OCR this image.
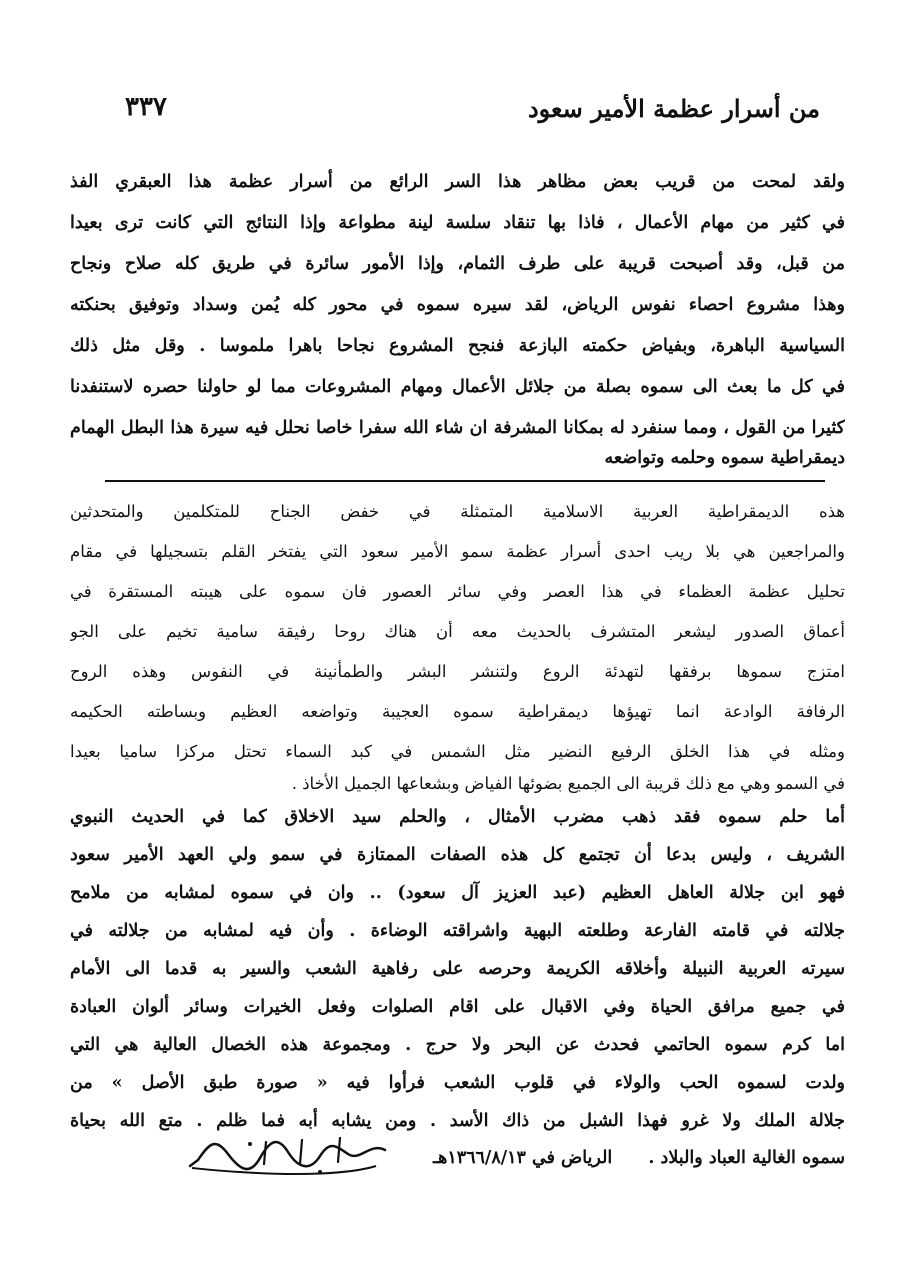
من أسرار عظمة الأمير سعود
٣٣٧
ولقد لمحت من قريب بعض مظاهر هذا السر الرائع من أسرار عظمة هذا العبقري الفذ
في كثير من مهام الأعمال ، فاذا بها تنقاد سلسة لينة مطواعة وإذا النتائج التي كانت ترى بعيدا
من قبل، وقد أصبحت قريبة على طرف الثمام، وإذا الأمور سائرة في طريق كله صلاح ونجاح
وهذا مشروع احصاء نفوس الرياض، لقد سيره سموه في محور كله يُمن وسداد وتوفيق بحنكته
السياسية الباهرة، وبفياض حكمته البازعة فنجح المشروع نجاحا باهرا ملموسا . وقل مثل ذلك
في كل ما بعث الى سموه بصلة من جلائل الأعمال ومهام المشروعات مما لو حاولنا حصره لاستنفدنا
كثيرا من القول ، ومما سنفرد له بمكانا المشرفة ان شاء الله سفرا خاصا نحلل فيه سيرة هذا البطل الهمام
ديمقراطية سموه وحلمه وتواضعه
هذه الديمقراطية العربية الاسلامية المتمثلة في خفض الجناح للمتكلمين والمتحدثين
والمراجعين هي بلا ريب احدى أسرار عظمة سمو الأمير سعود التي يفتخر القلم بتسجيلها في مقام
تحليل عظمة العظماء في هذا العصر وفي سائر العصور فان سموه على هيبته المستقرة في
أعماق الصدور ليشعر المتشرف بالحديث معه أن هناك روحا رفيقة سامية تخيم على الجو
امتزج سموها برفقها لتهدئة الروع ولتنشر البشر والطمأنينة في النفوس وهذه الروح
الرفافة الوادعة انما تهيؤها ديمقراطية سموه العجيبة وتواضعه العظيم وبساطته الحكيمه
ومثله في هذا الخلق الرفيع النضير مثل الشمس في كبد السماء تحتل مركزا ساميا بعيدا
في السمو وهي مع ذلك قريبة الى الجميع بضوئها الفياض وبشعاعها الجميل الأخاذ .
أما حلم سموه فقد ذهب مضرب الأمثال ، والحلم سيد الاخلاق كما في الحديث النبوي
الشريف ، وليس بدعا أن تجتمع كل هذه الصفات الممتازة في سمو ولي العهد الأمير سعود
فهو ابن جلالة العاهل العظيم (عبد العزيز آل سعود) .. وان في سموه لمشابه من ملامح
جلالته في قامته الفارعة وطلعته البهية واشراقته الوضاءة . وأن فيه لمشابه من جلالته في
سيرته العربية النبيلة وأخلاقه الكريمة وحرصه على رفاهية الشعب والسير به قدما الى الأمام
في جميع مرافق الحياة وفي الاقبال على اقام الصلوات وفعل الخيرات وسائر ألوان العبادة
اما كرم سموه الحاتمي فحدث عن البحر ولا حرج . ومجموعة هذه الخصال العالية هي التي
ولدت لسموه الحب والولاء في قلوب الشعب فرأوا فيه « صورة طبق الأصل » من
جلالة الملك ولا غرو فهذا الشبل من ذاك الأسد . ومن يشابه أبه فما ظلم . متع الله بحياة
سموه الغالية العباد والبلاد . الرياض في ١٣٦٦/٨/١٣هـ
